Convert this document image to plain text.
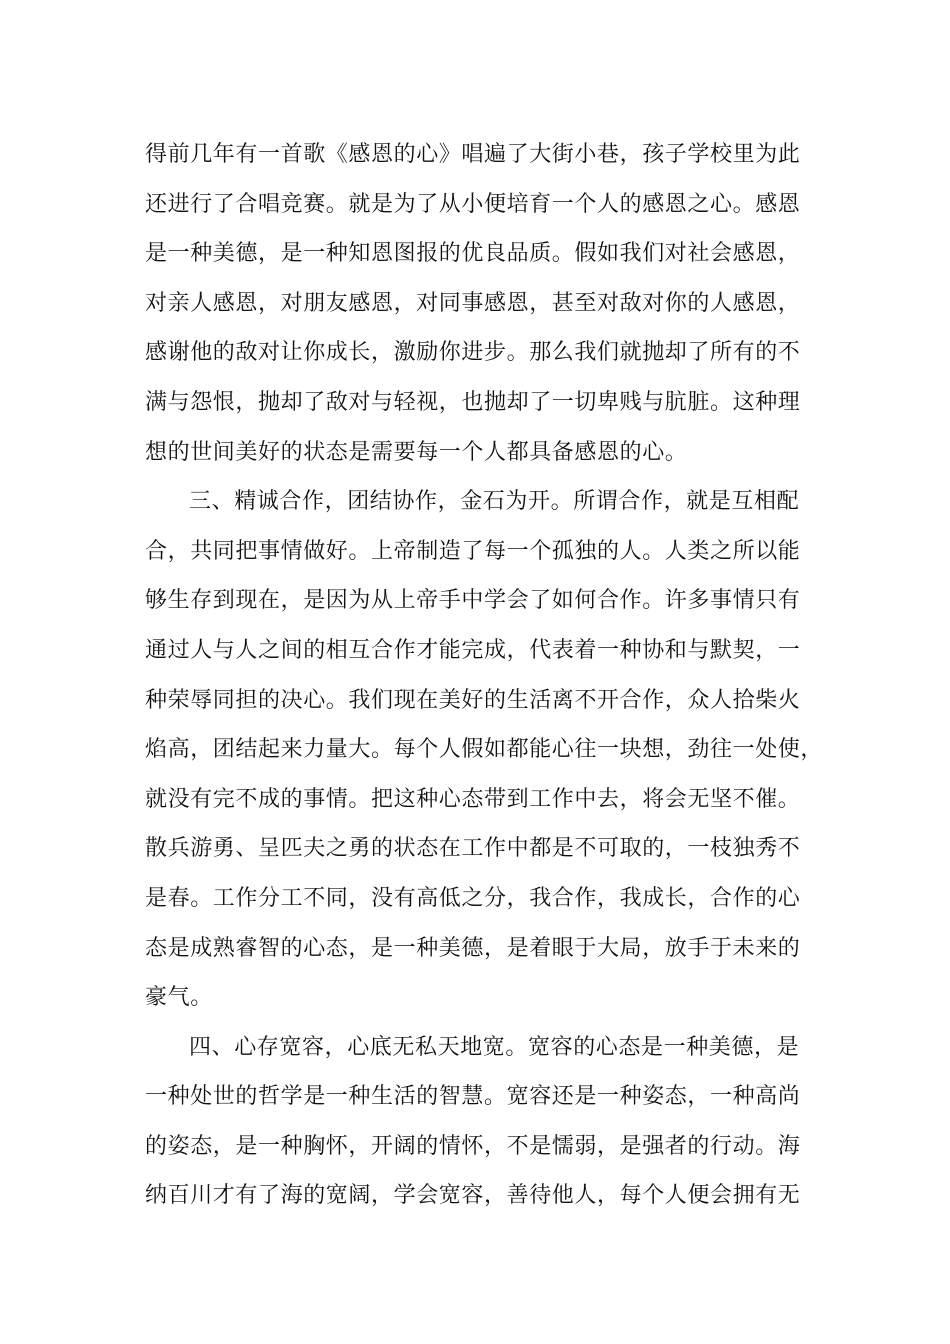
得前几年有一首歌《感恩的心》唱遍了大街小巷，孩子学校里为此
还进行了合唱竞赛。就是为了从小便培育一个人的感恩之心。感恩
是一种美德，是一种知恩图报的优良品质。假如我们对社会感恩，
对亲人感恩，对朋友感恩，对同事感恩，甚至对敌对你的人感恩，
感谢他的敌对让你成长，激励你进步。那么我们就抛却了所有的不
满与怨恨，抛却了敌对与轻视，也抛却了一切卑贱与肮脏。这种理
想的世间美好的状态是需要每一个人都具备感恩的心。
三、精诚合作，团结协作，金石为开。所谓合作，就是互相配
合，共同把事情做好。上帝制造了每一个孤独的人。人类之所以能
够生存到现在，是因为从上帝手中学会了如何合作。许多事情只有
通过人与人之间的相互合作才能完成，代表着一种协和与默契，一
种荣辱同担的决心。我们现在美好的生活离不开合作，众人拾柴火
焰高，团结起来力量大。每个人假如都能心往一块想，劲往一处使，
就没有完不成的事情。把这种心态带到工作中去，将会无坚不催。
散兵游勇、呈匹夫之勇的状态在工作中都是不可取的，一枝独秀不
是春。工作分工不同，没有高低之分，我合作，我成长，合作的心
态是成熟睿智的心态，是一种美德，是着眼于大局，放手于未来的
豪气。
四、心存宽容，心底无私天地宽。宽容的心态是一种美德，是
一种处世的哲学是一种生活的智慧。宽容还是一种姿态，一种高尚
的姿态，是一种胸怀，开阔的情怀，不是懦弱，是强者的行动。海
纳百川才有了海的宽阔，学会宽容，善待他人，每个人便会拥有无
